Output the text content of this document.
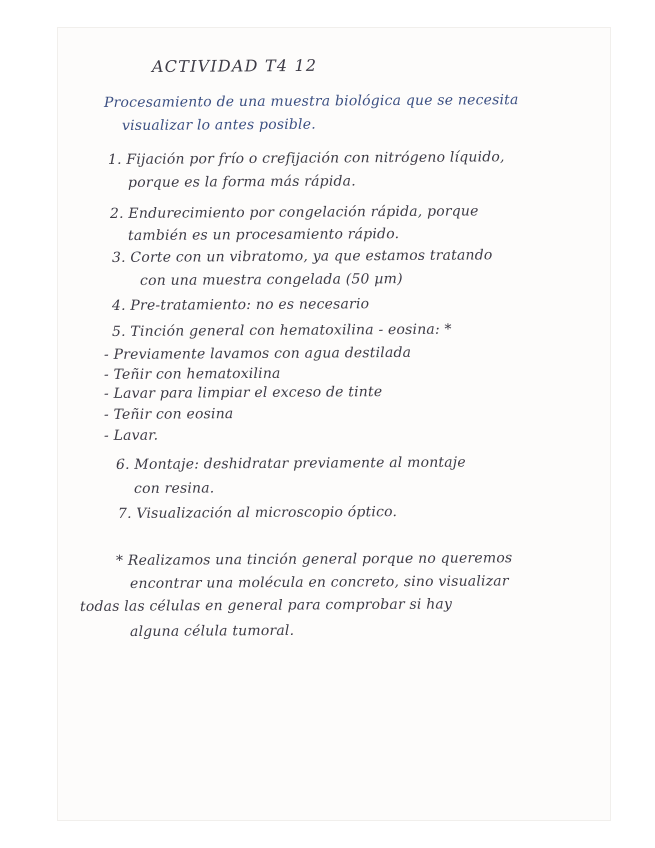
ACTIVIDAD T4 12
Procesamiento de una muestra biológica que se necesita
visualizar lo antes posible.
1. Fijación por frío o crefijación con nitrógeno líquido,
porque es la forma más rápida.
2. Endurecimiento por congelación rápida, porque
también es un procesamiento rápido.
3. Corte con un vibratomo, ya que estamos tratando
con una muestra congelada (50 µm)
4. Pre-tratamiento: no es necesario
5. Tinción general con hematoxilina - eosina: *
- Previamente lavamos con agua destilada
- Teñir con hematoxilina
- Lavar para limpiar el exceso de tinte
- Teñir con eosina
- Lavar.
6. Montaje: deshidratar previamente al montaje
con resina.
7. Visualización al microscopio óptico.
* Realizamos una tinción general porque no queremos
encontrar una molécula en concreto, sino visualizar
todas las células en general para comprobar si hay
alguna célula tumoral.
